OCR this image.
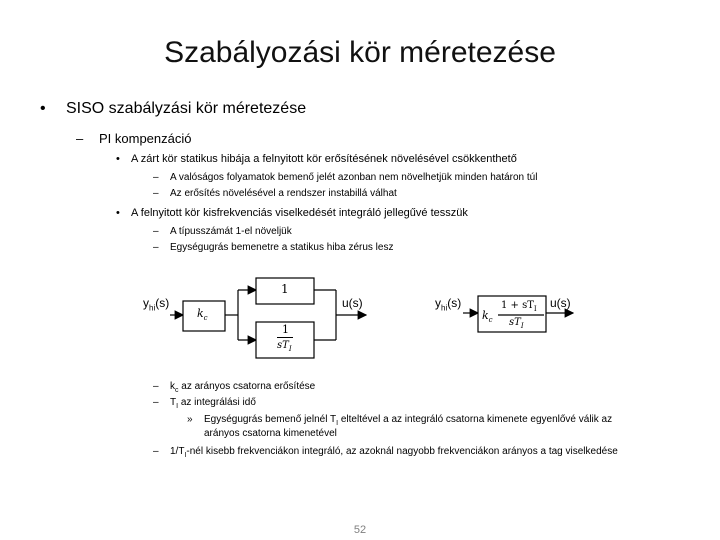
Szabályozási kör méretezése
• SISO szabályzási kör méretezése
– PI kompenzáció
• A zárt kör statikus hibája a felnyitott kör erősítésének növelésével csökkenthető
– A valóságos folyamatok bemenő jelét azonban nem növelhetjük minden határon túl
– Az erősítés növelésével a rendszer instabillá válhat
• A felnyitott kör kisfrekvenciás viselkedését integráló jellegűvé tesszük
– A típusszámát 1-el növeljük
– Egységugrás bemenetre a statikus hiba zérus lesz
$y_{hi}(s)$
$k_c$
1
1
$sT_I$
u(s)	$y_{hi}(s)$
$k_c$
$1 + sT_I$
$sT_I$
u(s)
– $k_c$ az arányos csatorna erősítése
– $T_I$ az integrálási idő
» Egységugrás bemenő jelnél $T_I$ elteltével a az integráló csatorna kimenete egyenlővé válik az
arányos csatorna kimenetével
– $1/T_I$-nél kisebb frekvenciákon integráló, az azoknál nagyobb frekvenciákon arányos a tag viselkedése
52
